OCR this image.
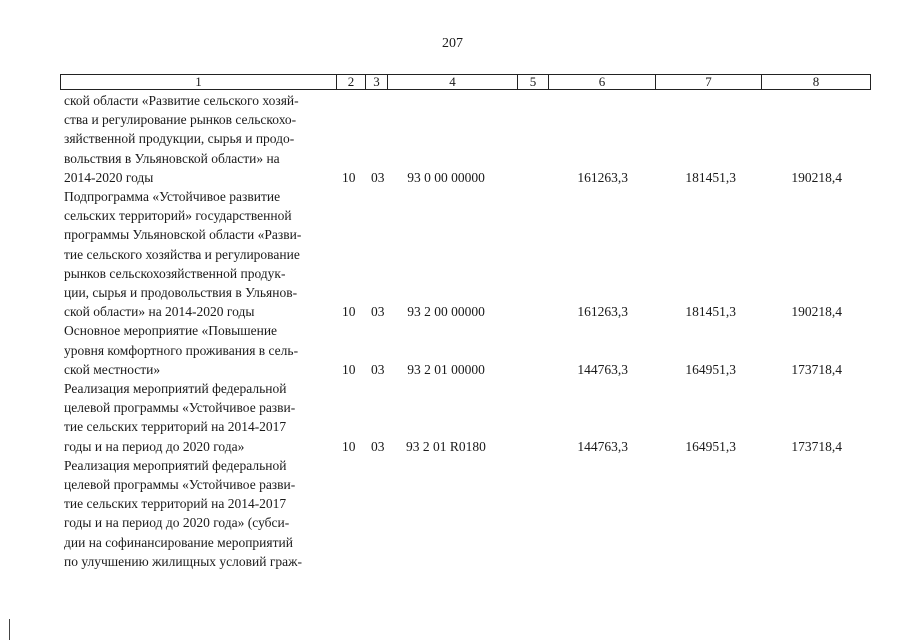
207
1	2	3	4	5	6	7	8
ской области «Развитие сельского хозяй-
ства и регулирование рынков сельскохо-
зяйственной продукции, сырья и продо-
вольствия в Ульяновской области» на
2014-2020 годы	10 03	93 0 00 00000	161263,3	181451,3	190218,4
Подпрограмма «Устойчивое развитие
сельских территорий» государственной
программы Ульяновской области «Разви-
тие сельского хозяйства и регулирование
рынков сельскохозяйственной продук-
ции, сырья и продовольствия в Ульянов-
ской области» на 2014-2020 годы	10 03	93 2 00 00000	161263,3	181451,3	190218,4
Основное мероприятие «Повышение
уровня комфортного проживания в сель-
ской местности»	10 03	93 2 01 00000	144763,3	164951,3	173718,4
Реализация мероприятий федеральной
целевой программы «Устойчивое разви-
тие сельских территорий на 2014-2017
годы и на период до 2020 года»	10 03	93 2 01 R0180	144763,3	164951,3	173718,4
Реализация мероприятий федеральной
целевой программы «Устойчивое разви-
тие сельских территорий на 2014-2017
годы и на период до 2020 года» (субси-
дии на софинансирование мероприятий
по улучшению жилищных условий граж-
